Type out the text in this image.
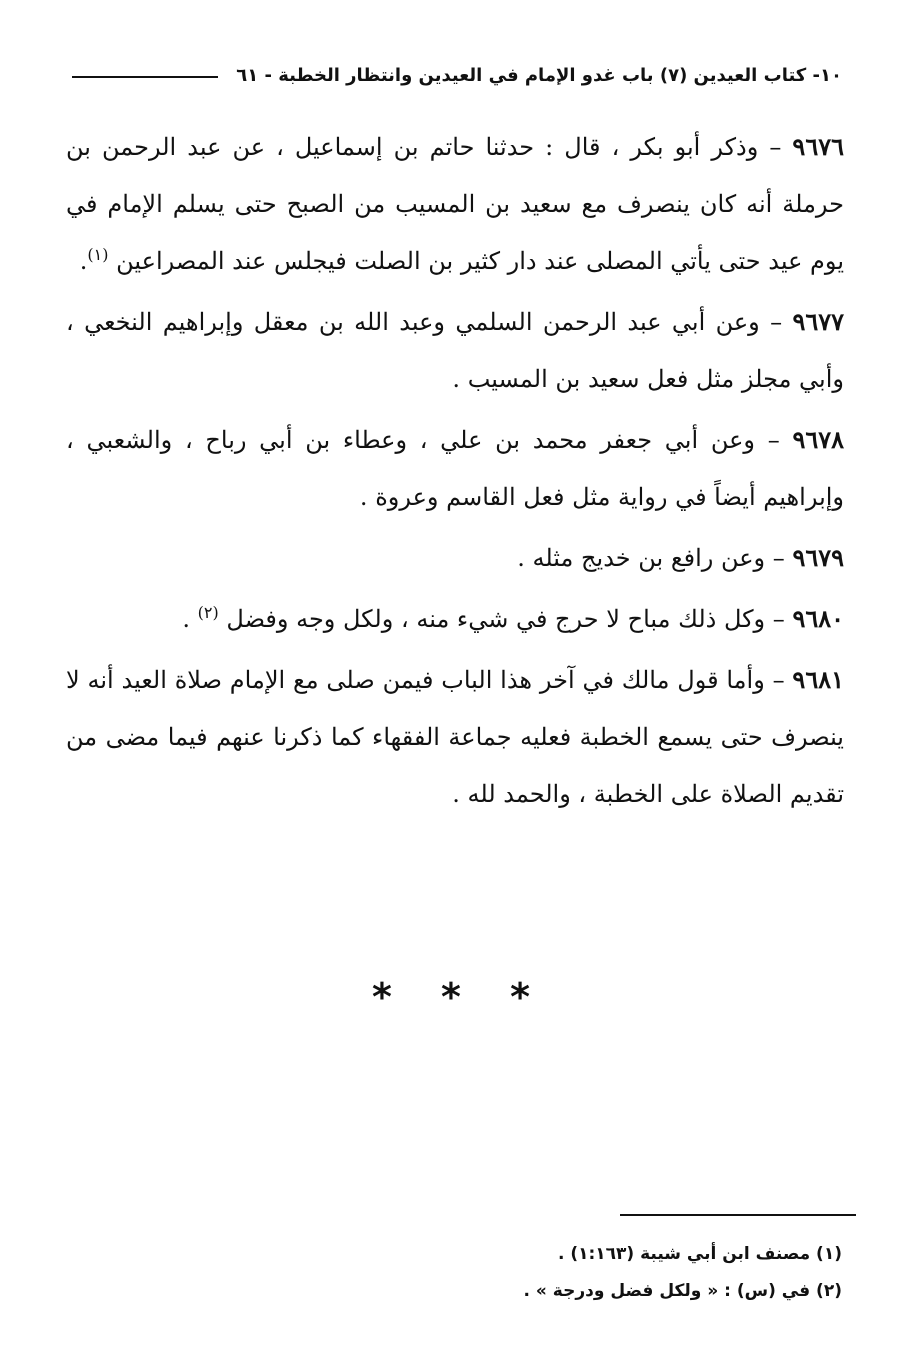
١٠- كتاب العيدين (٧) باب غدو الإمام في العيدين وانتظار الخطبة - ٦١

٩٦٧٦ – وذكر أبو بكر ، قال : حدثنا حاتم بن إسماعيل ، عن عبد الرحمن بن حرملة أنه كان ينصرف مع سعيد بن المسيب من الصبح حتى يسلم الإمام في يوم عيد حتى يأتي المصلى عند دار كثير بن الصلت فيجلس عند المصراعين $^{(١)}$.

٩٦٧٧ – وعن أبي عبد الرحمن السلمي وعبد الله بن معقل وإبراهيم النخعي ، وأبي مجلز مثل فعل سعيد بن المسيب .

٩٦٧٨ – وعن أبي جعفر محمد بن علي ، وعطاء بن أبي رباح ، والشعبي ، وإبراهيم أيضاً في رواية مثل فعل القاسم وعروة .

٩٦٧٩ – وعن رافع بن خديج مثله .

٩٦٨٠ – وكل ذلك مباح لا حرج في شيء منه ، ولكل وجه وفضل $^{(٢)}$ .

٩٦٨١ – وأما قول مالك في آخر هذا الباب فيمن صلى مع الإمام صلاة العيد أنه لا ينصرف حتى يسمع الخطبة فعليه جماعة الفقهاء كما ذكرنا عنهم فيما مضى من تقديم الصلاة على الخطبة ، والحمد لله .

* * *

(١) مصنف ابن أبي شيبة (١:١٦٣) .

(٢) في (س) : « ولكل فضل ودرجة » .
